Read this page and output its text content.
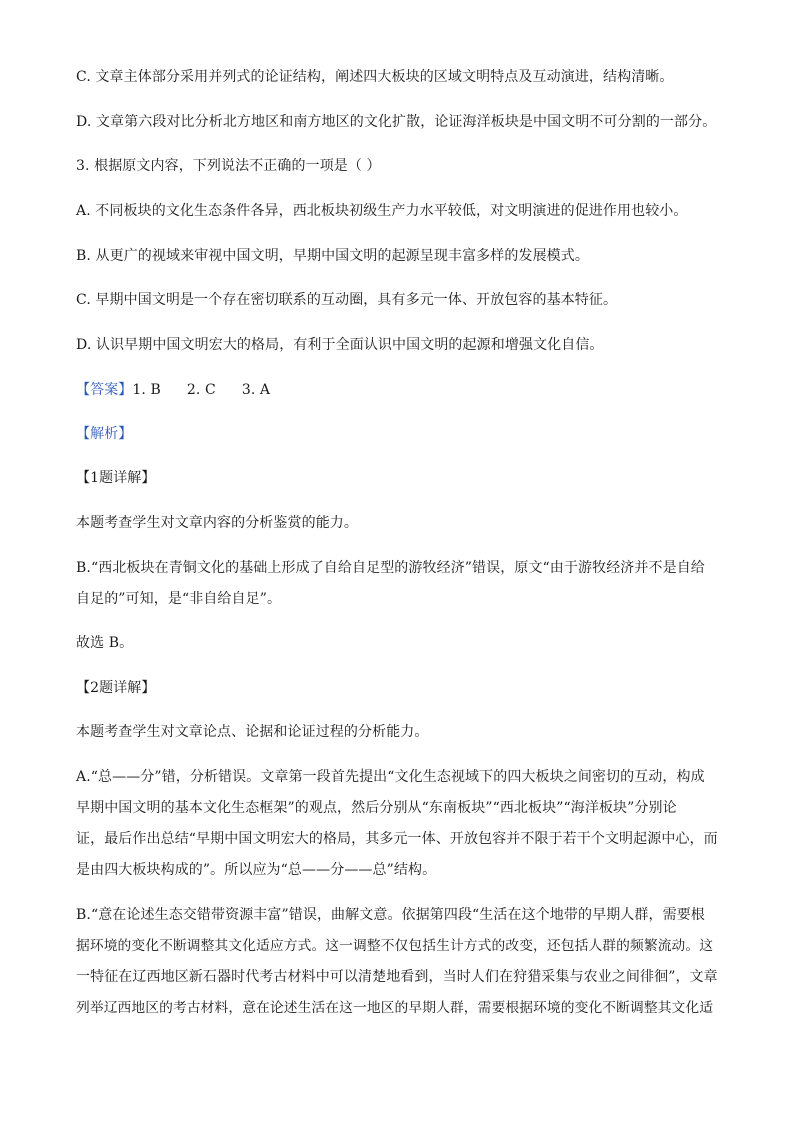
C. 文章主体部分采用并列式的论证结构，阐述四大板块的区域文明特点及互动演进，结构清晰。
D. 文章第六段对比分析北方地区和南方地区的文化扩散，论证海洋板块是中国文明不可分割的一部分。
3. 根据原文内容，下列说法不正确的一项是（ ）
A. 不同板块的文化生态条件各异，西北板块初级生产力水平较低，对文明演进的促进作用也较小。
B. 从更广的视域来审视中国文明，早期中国文明的起源呈现丰富多样的发展模式。
C. 早期中国文明是一个存在密切联系的互动圈，具有多元一体、开放包容的基本特征。
D. 认识早期中国文明宏大的格局，有利于全面认识中国文明的起源和增强文化自信。
【答案】1. B 2. C 3. A
【解析】
【1题详解】
本题考查学生对文章内容的分析鉴赏的能力。
B.“西北板块在青铜文化的基础上形成了自给自足型的游牧经济”错误，原文“由于游牧经济并不是自给
自足的”可知，是“非自给自足”。
故选 B。
【2题详解】
本题考查学生对文章论点、论据和论证过程的分析能力。
A.“总——分”错，分析错误。文章第一段首先提出“文化生态视域下的四大板块之间密切的互动，构成
早期中国文明的基本文化生态框架”的观点，然后分别从“东南板块”“西北板块”“海洋板块”分别论
证，最后作出总结“早期中国文明宏大的格局，其多元一体、开放包容并不限于若干个文明起源中心，而
是由四大板块构成的”。所以应为“总——分——总”结构。
B.“意在论述生态交错带资源丰富”错误，曲解文意。依据第四段“生活在这个地带的早期人群，需要根
据环境的变化不断调整其文化适应方式。这一调整不仅包括生计方式的改变，还包括人群的频繁流动。这
一特征在辽西地区新石器时代考古材料中可以清楚地看到，当时人们在狩猎采集与农业之间徘徊”，文章
列举辽西地区的考古材料，意在论述生活在这一地区的早期人群，需要根据环境的变化不断调整其文化适
